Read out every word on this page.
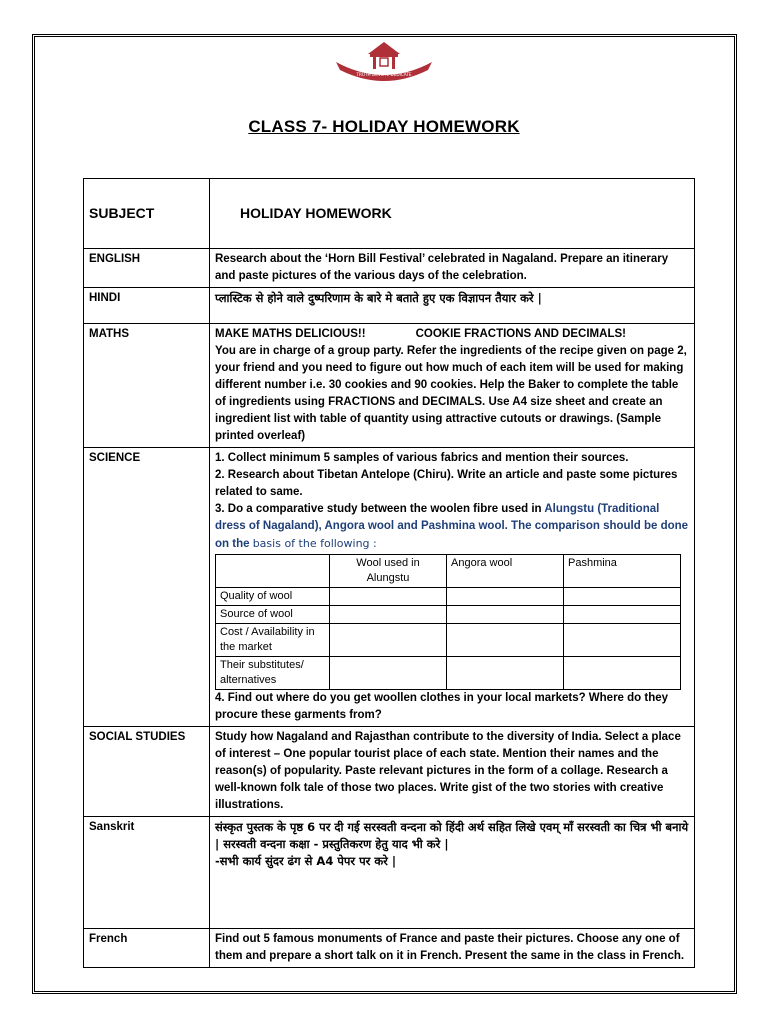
TRUTH DEVOTE DEDICATE
CLASS 7- HOLIDAY HOMEWORK
SUBJECT	HOLIDAY HOMEWORK
ENGLISH	Research about the ‘Horn Bill Festival’ celebrated in Nagaland. Prepare an itinerary and paste pictures of the various days of the celebration.
HINDI	प्लास्टिक से होने वाले दुष्परिणाम के बारे मे बताते हुए एक विज्ञापन तैयार करे |
MATHS	MAKE MATHS DELICIOUS!!	COOKIE FRACTIONS AND DECIMALS!

You are in charge of a group party. Refer the ingredients of the recipe given on page 2, your friend and you need to figure out how much of each item will be used for making different number i.e. 30 cookies and 90 cookies. Help the Baker to complete the table of ingredients using FRACTIONS and DECIMALS. Use A4 size sheet and create an ingredient list with table of quantity using attractive cutouts or drawings. (Sample printed overleaf)

SCIENCE	1. Collect minimum 5 samples of various fabrics and mention their sources.

2. Research about Tibetan Antelope (Chiru). Write an article and paste some pictures related to same.

3. Do a comparative study between the woolen fibre used in Alungstu (Traditional dress of Nagaland), Angora wool and Pashmina wool. The comparison should be done on the basis of the following :

	Wool used in Alungstu	Angora wool	Pashmina
Quality of wool			
Source of wool			
Cost / Availability in the market			
Their substitutes/ alternatives			

4. Find out where do you get woollen clothes in your local markets? Where do they procure these garments from?

SOCIAL STUDIES	Study how Nagaland and Rajasthan contribute to the diversity of India. Select a place of interest – One popular tourist place of each state. Mention their names and the reason(s) of popularity. Paste relevant pictures in the form of a collage. Research a well-known folk tale of those two places. Write gist of the two stories with creative illustrations.
Sanskrit	संस्कृत पुस्तक के पृष्ठ 6 पर दी गई सरस्वती वन्दना को हिंदी अर्थ सहित लिखे एवम् माँ सरस्वती का चित्र भी बनाये | सरस्वती वन्दना कक्षा - प्रस्तुतिकरण हेतु याद भी करे |

-सभी कार्य सुंदर ढंग से A4 पेपर पर करे |

French	Find out 5 famous monuments of France and paste their pictures. Choose any one of them and prepare a short talk on it in French. Present the same in the class in French.
